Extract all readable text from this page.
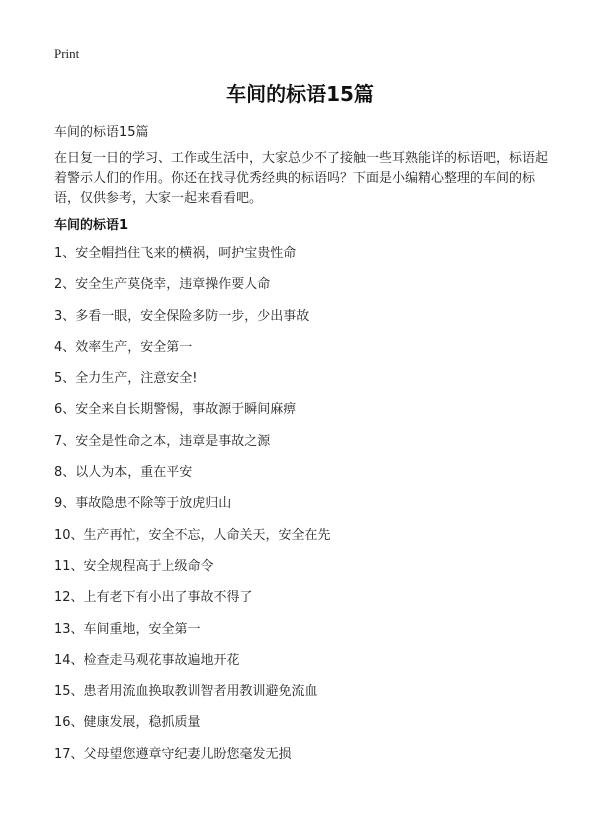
Print
车间的标语15篇
车间的标语15篇

在日复一日的学习、工作或生活中，大家总少不了接触一些耳熟能详的标语吧，标语起着警示人们的作用。你还在找寻优秀经典的标语吗？下面是小编精心整理的车间的标语，仅供参考，大家一起来看看吧。

车间的标语1
1、安全帽挡住飞来的横祸，呵护宝贵性命
2、安全生产莫侥幸，违章操作要人命
3、多看一眼，安全保险多防一步，少出事故
4、效率生产，安全第一
5、全力生产，注意安全!
6、安全来自长期警惕，事故源于瞬间麻痹
7、安全是性命之本，违章是事故之源
8、以人为本，重在平安
9、事故隐患不除等于放虎归山
10、生产再忙，安全不忘，人命关天，安全在先
11、安全规程高于上级命令
12、上有老下有小出了事故不得了
13、车间重地，安全第一
14、检查走马观花事故遍地开花
15、患者用流血换取教训智者用教训避免流血
16、健康发展，稳抓质量
17、父母望您遵章守纪妻儿盼您毫发无损
